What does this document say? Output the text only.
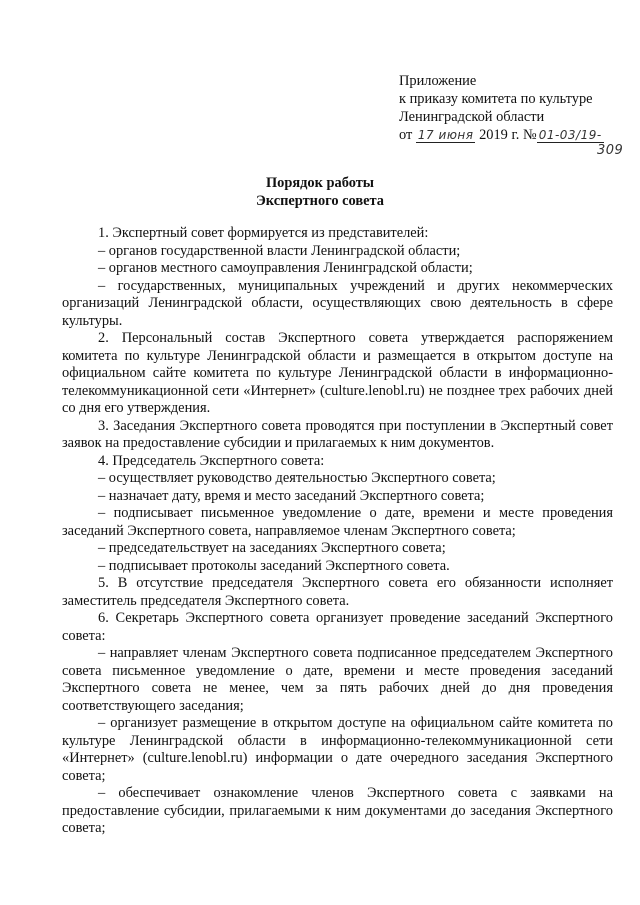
Приложение
к приказу комитета по культуре
Ленинградской области
от 17 июня 2019 г. № 01-03/19-
309
Порядок работы
Экспертного совета

1. Экспертный совет формируется из представителей:

– органов государственной власти Ленинградской области;

– органов местного самоуправления Ленинградской области;

– государственных, муниципальных учреждений и других некоммерческих организаций Ленинградской области, осуществляющих свою деятельность в сфере культуры.

2. Персональный состав Экспертного совета утверждается распоряжением комитета по культуре Ленинградской области и размещается в открытом доступе на официальном сайте комитета по культуре Ленинградской области в информационно-телекоммуникационной сети «Интернет» (culture.lenobl.ru) не позднее трех рабочих дней со дня его утверждения.

3. Заседания Экспертного совета проводятся при поступлении в Экспертный совет заявок на предоставление субсидии и прилагаемых к ним документов.

4. Председатель Экспертного совета:

– осуществляет руководство деятельностью Экспертного совета;

– назначает дату, время и место заседаний Экспертного совета;

– подписывает письменное уведомление о дате, времени и месте проведения заседаний Экспертного совета, направляемое членам Экспертного совета;

– председательствует на заседаниях Экспертного совета;

– подписывает протоколы заседаний Экспертного совета.

5. В отсутствие председателя Экспертного совета его обязанности исполняет заместитель председателя Экспертного совета.

6. Секретарь Экспертного совета организует проведение заседаний Экспертного совета:

– направляет членам Экспертного совета подписанное председателем Экспертного совета письменное уведомление о дате, времени и месте проведения заседаний Экспертного совета не менее, чем за пять рабочих дней до дня проведения соответствующего заседания;

– организует размещение в открытом доступе на официальном сайте комитета по культуре Ленинградской области в информационно-телекоммуникационной сети «Интернет» (culture.lenobl.ru) информации о дате очередного заседания Экспертного совета;

– обеспечивает ознакомление членов Экспертного совета с заявками на предоставление субсидии, прилагаемыми к ним документами до заседания Экспертного совета;
